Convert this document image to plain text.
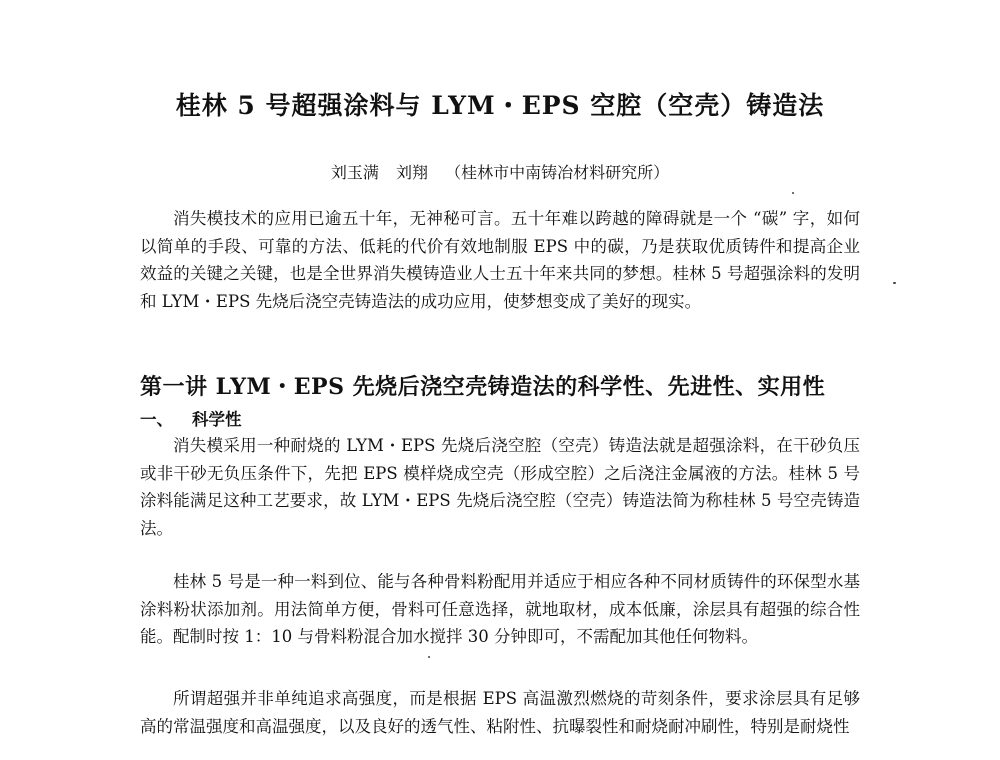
桂林 5 号超强涂料与 LYM・EPS 空腔（空壳）铸造法
刘玉满 刘翔 （桂林市中南铸冶材料研究所）

消失模技术的应用已逾五十年，无神秘可言。五十年难以跨越的障碍就是一个 “碳” 字，如何以简单的手段、可靠的方法、低耗的代价有效地制服 EPS 中的碳，乃是获取优质铸件和提高企业效益的关键之关键，也是全世界消失模铸造业人士五十年来共同的梦想。桂林 5 号超强涂料的发明和 LYM・EPS 先烧后浇空壳铸造法的成功应用，使梦想变成了美好的现实。

第一讲 LYM・EPS 先烧后浇空壳铸造法的科学性、先进性、实用性
一、 科学性

消失模采用一种耐烧的 LYM・EPS 先烧后浇空腔（空壳）铸造法就是超强涂料，在干砂负压或非干砂无负压条件下，先把 EPS 模样烧成空壳（形成空腔）之后浇注金属液的方法。桂林 5 号涂料能满足这种工艺要求，故 LYM・EPS 先烧后浇空腔（空壳）铸造法简为称桂林 5 号空壳铸造法。

桂林 5 号是一种一料到位、能与各种骨料粉配用并适应于相应各种不同材质铸件的环保型水基涂料粉状添加剂。用法简单方便，骨料可任意选择，就地取材，成本低廉，涂层具有超强的综合性能。配制时按 1：10 与骨料粉混合加水搅拌 30 分钟即可，不需配加其他任何物料。

所谓超强并非单纯追求高强度，而是根据 EPS 高温激烈燃烧的苛刻条件，要求涂层具有足够高的常温强度和高温强度，以及良好的透气性、粘附性、抗曝裂性和耐烧耐冲刷性，特别是耐烧性
